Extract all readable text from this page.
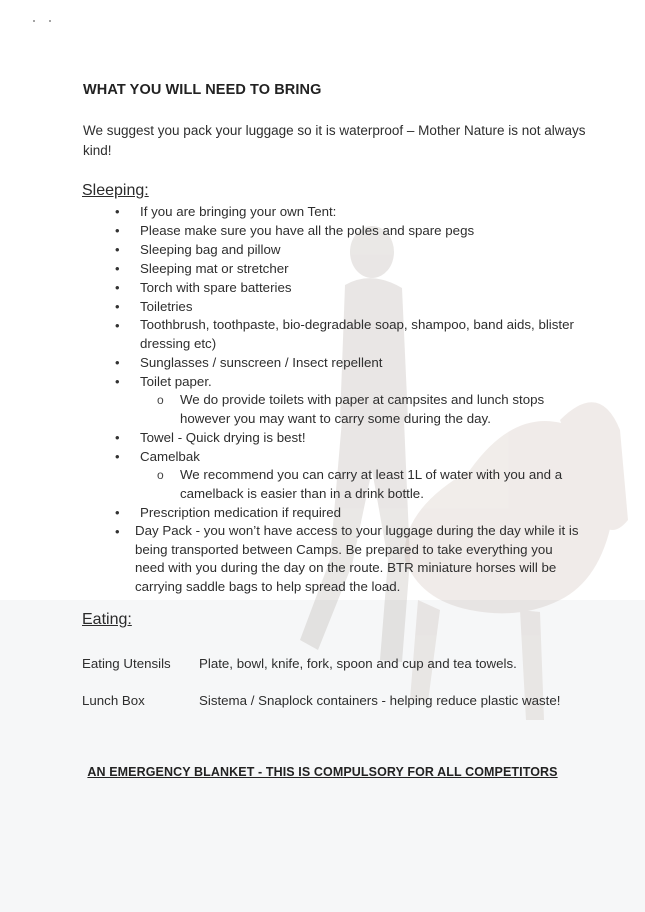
WHAT YOU WILL NEED TO BRING
We suggest you pack your luggage so it is waterproof – Mother Nature is not always kind!
Sleeping:
• If you are bringing your own Tent:
• Please make sure you have all the poles and spare pegs
• Sleeping bag and pillow
• Sleeping mat or stretcher
• Torch with spare batteries
• Toiletries
• Toothbrush, toothpaste, bio-degradable soap, shampoo, band aids, blister dressing etc)
• Sunglasses / sunscreen / Insect repellent
• Toilet paper.
o We do provide toilets with paper at campsites and lunch stops however you may want to carry some during the day.
• Towel - Quick drying is best!
• Camelbak
o We recommend you can carry at least 1L of water with you and a camelback is easier than in a drink bottle.
• Prescription medication if required
• Day Pack - you won’t have access to your luggage during the day while it is being transported between Camps. Be prepared to take everything you need with you during the day on the route. BTR miniature horses will be carrying saddle bags to help spread the load.
Eating:
Eating Utensils Plate, bowl, knife, fork, spoon and cup and tea towels.
Lunch Box	Sistema / Snaplock containers - helping reduce plastic waste!
AN EMERGENCY BLANKET - THIS IS COMPULSORY FOR ALL COMPETITORS
